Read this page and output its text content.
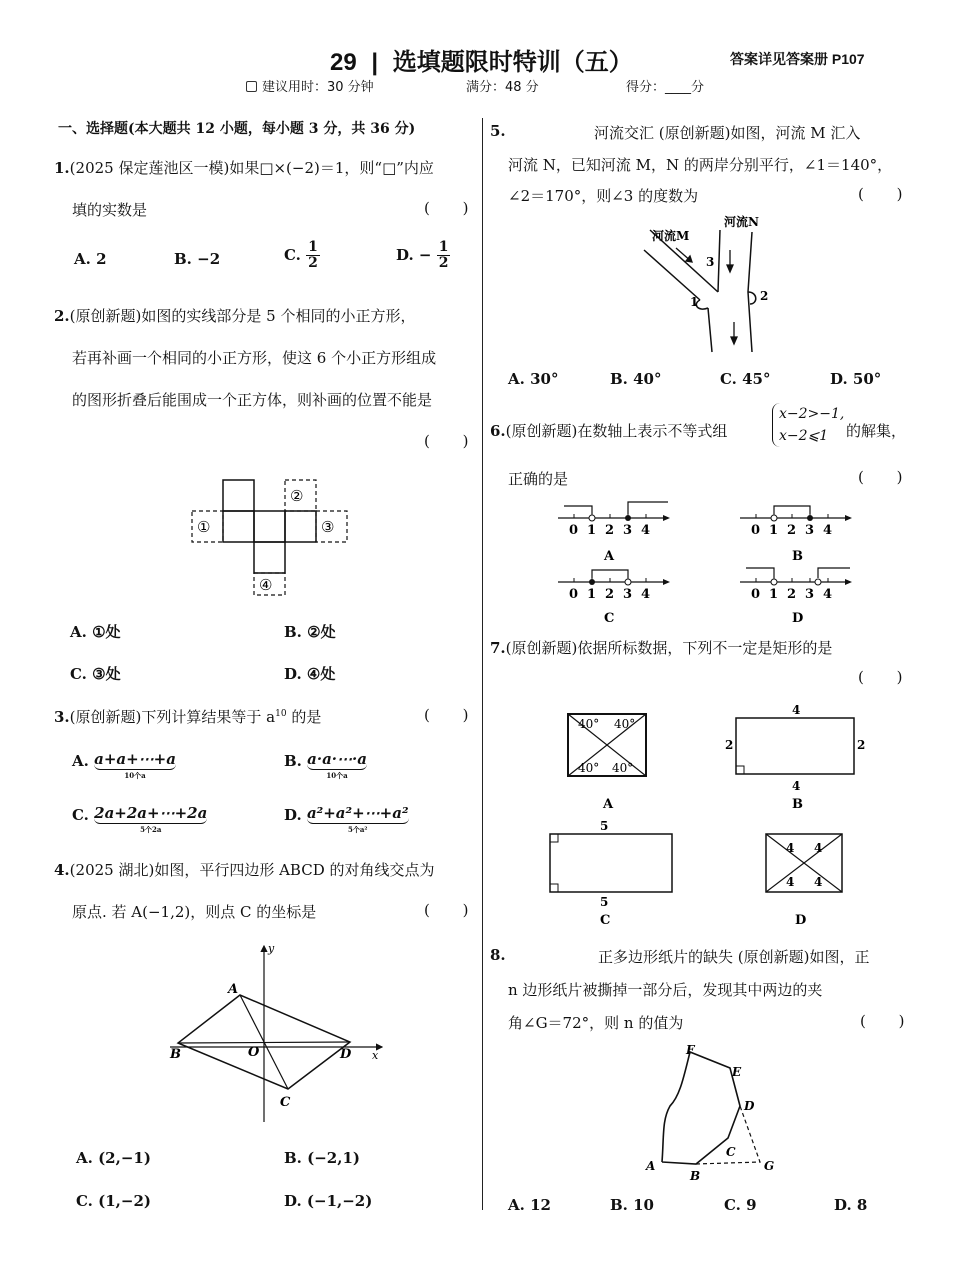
29 | 选填题限时特训（五）	答案详见答案册 P107
建议用时：30 分钟	满分：48 分	得分：____分
一、选择题(本大题共 12 小题，每小题 3 分，共 36 分)
1.(2025 保定莲池区一模)如果□×(−2)＝1，则“□”内应
填的实数是	( )
A. 2	B. −2	C. $\frac{1}{2}$	D. − $\frac{1}{2}$
2.(原创新题)如图的实线部分是 5 个相同的小正方形，
若再补画一个相同的小正方形，使这 6 个小正方形组成
的图形折叠后能围成一个正方体，则补画的位置不能是
( )
①
②
③
④
A. ①处	B. ②处
C. ③处	D. ④处
3.(原创新题)下列计算结果等于 $a^{10}$ 的是	( )
A. a+a+⋯+a
10个a
B. a·a·⋯·a
10个a
C. 2a+2a+⋯+2a
5个2a
D. a²+a²+⋯+a²
5个a²
4.(2025 湖北)如图，平行四边形 ABCD 的对角线交点为
原点. 若 A(−1,2)，则点 C 的坐标是	( )
A
B
C
D
O	x
y
A. (2,−1)	B. (−2,1)
C. (1,−2)	D. (−1,−2)
5.	河流交汇 (原创新题)如图，河流 M 汇入
河流 N，已知河流 M，N 的两岸分别平行，∠1＝140°，
∠2＝170°，则∠3 的度数为	( )
河流M
河流N
1	2
3
A. 30°	B. 40°	C. 45°	D. 50°
6.(原创新题)在数轴上表示不等式组
x−2>−1,
x−2⩽1	的解集，
正确的是	( )
0 1 2 3 4
A
0 1 2 3 4
B
0 1 2 3 4
C
0 1 2 3 4
D
7.(原创新题)依据所标数据，下列不一定是矩形的是
( )
40° 40°
40° 40°
A
4
4
2	2
B
5
5
C
4 4
4 4
D
8.	正多边形纸片的缺失 (原创新题)如图，正
n 边形纸片被撕掉一部分后，发现其中两边的夹
角∠G＝72°，则 n 的值为	( )
A
B
C
D
E
F
G
A. 12	B. 10	C. 9	D. 8
